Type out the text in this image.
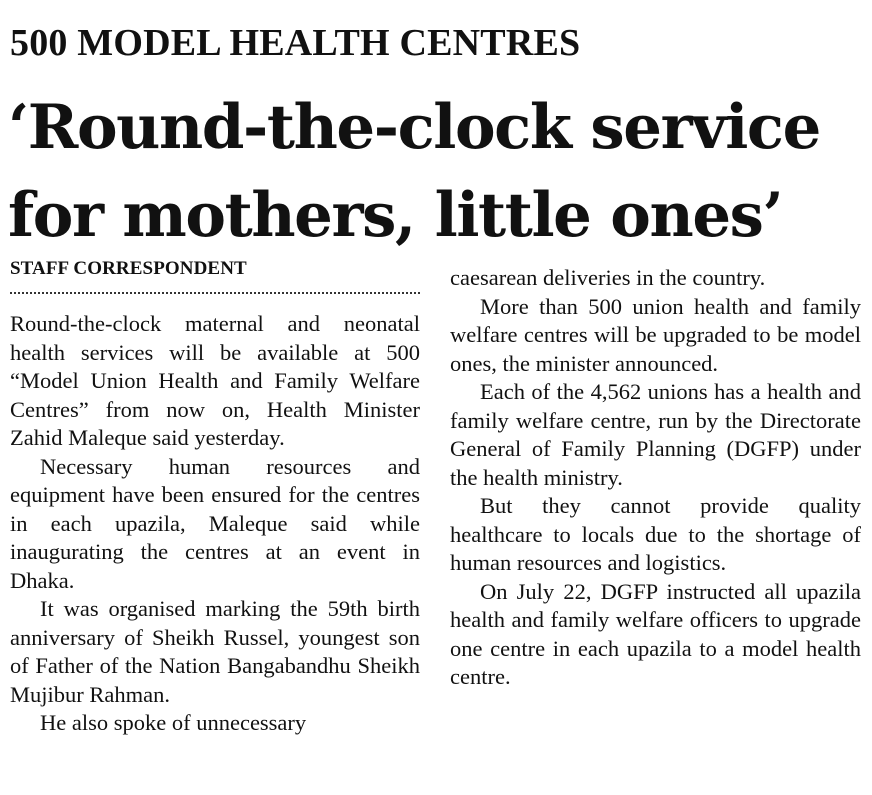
500 MODEL HEALTH CENTRES
‘Round-the-clock service
for mothers, little ones’
STAFF CORRESPONDENT

Round-the-clock maternal and neonatal health services will be available at 500 “Model Union Health and Family Welfare Centres” from now on, Health Minister Zahid Maleque said yesterday.

Necessary human resources and equipment have been ensured for the centres in each upazila, Maleque said while inaugurating the centres at an event in Dhaka.

It was organised marking the 59th birth anniversary of Sheikh Russel, youngest son of Father of the Nation Bangabandhu Sheikh Mujibur Rahman.

He also spoke of unnecessary

caesarean deliveries in the country.

More than 500 union health and family welfare centres will be upgraded to be model ones, the minister announced.

Each of the 4,562 unions has a health and family welfare centre, run by the Directorate General of Family Planning (DGFP) under the health ministry.

But they cannot provide quality healthcare to locals due to the shortage of human resources and logistics.

On July 22, DGFP instructed all upazila health and family welfare officers to upgrade one centre in each upazila to a model health centre.
